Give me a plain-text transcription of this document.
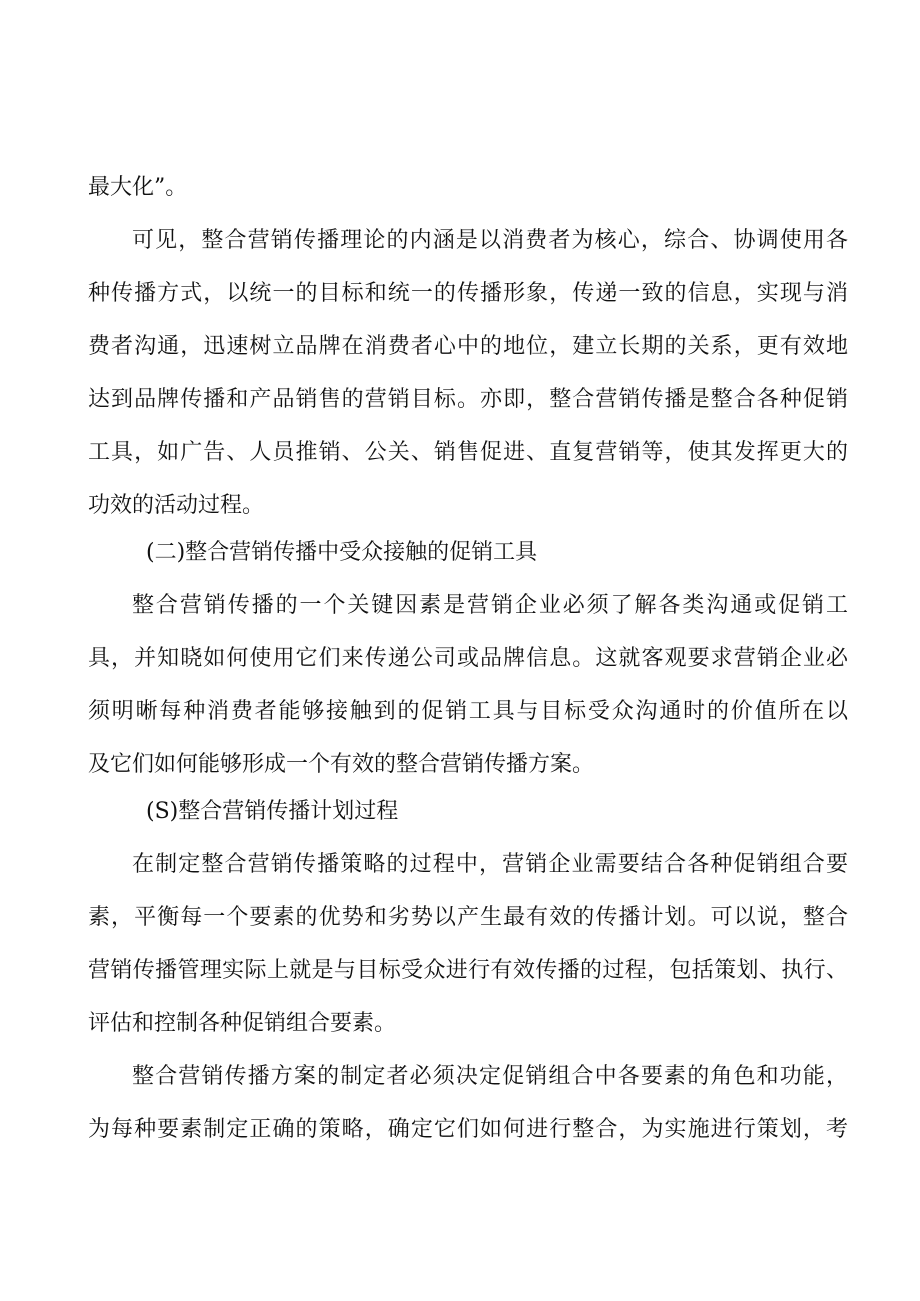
最大化”。
可见，整合营销传播理论的内涵是以消费者为核心，综合、协调使用各
种传播方式，以统一的目标和统一的传播形象，传递一致的信息，实现与消
费者沟通，迅速树立品牌在消费者心中的地位，建立长期的关系，更有效地
达到品牌传播和产品销售的营销目标。亦即，整合营销传播是整合各种促销
工具，如广告、人员推销、公关、销售促进、直复营销等，使其发挥更大的
功效的活动过程。
(二)整合营销传播中受众接触的促销工具
整合营销传播的一个关键因素是营销企业必须了解各类沟通或促销工
具，并知晓如何使用它们来传递公司或品牌信息。这就客观要求营销企业必
须明晰每种消费者能够接触到的促销工具与目标受众沟通时的价值所在以
及它们如何能够形成一个有效的整合营销传播方案。
(S)整合营销传播计划过程
在制定整合营销传播策略的过程中，营销企业需要结合各种促销组合要
素，平衡每一个要素的优势和劣势以产生最有效的传播计划。可以说，整合
营销传播管理实际上就是与目标受众进行有效传播的过程，包括策划、执行、
评估和控制各种促销组合要素。
整合营销传播方案的制定者必须决定促销组合中各要素的角色和功能，
为每种要素制定正确的策略，确定它们如何进行整合，为实施进行策划，考
